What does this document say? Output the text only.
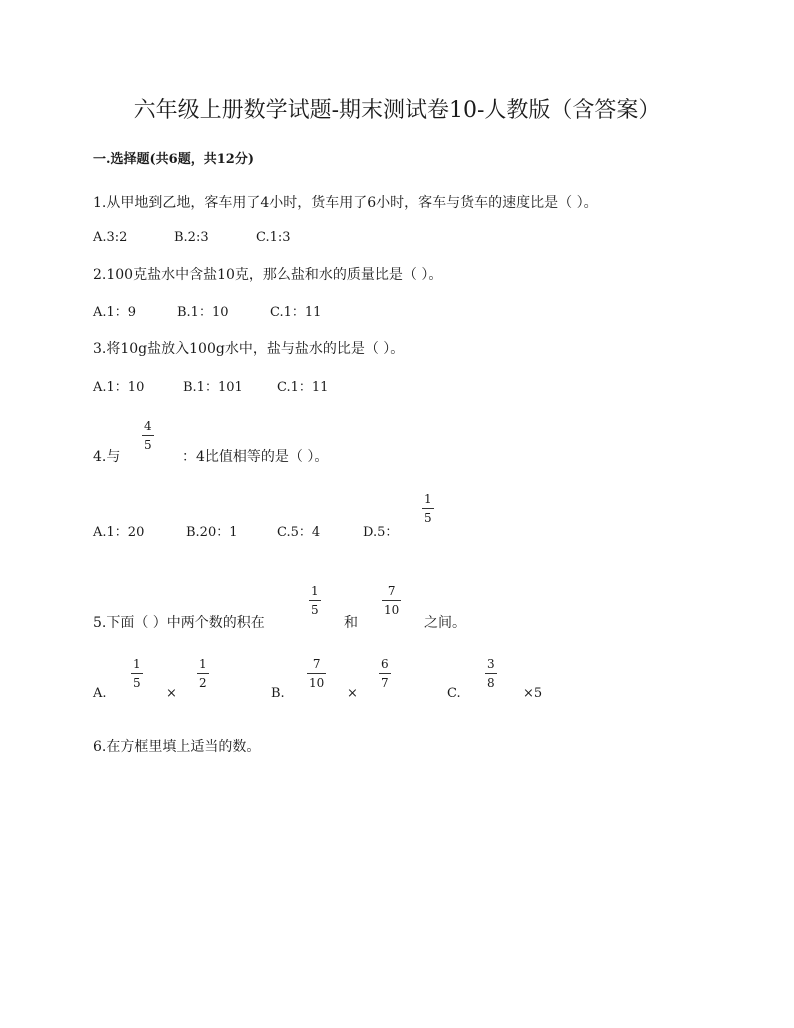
六年级上册数学试题-期末测试卷10-人教版（含答案）
一.选择题(共6题，共12分)
1.从甲地到乙地，客车用了4小时，货车用了6小时，客车与货车的速度比是（ ）。
A.3:2	B.2:3	C.1:3
2.100克盐水中含盐10克，那么盐和水的质量比是（ ）。
A.1：9	B.1：10	C.1：11
3.将10g盐放入100g水中，盐与盐水的比是（ ）。
A.1：10	B.1：101	C.1：11
4.与
4
5
：4比值相等的是（ ）。
A.1：20	B.20：1	C.5：4	D.5：
1
5
5.下面（ ）中两个数的积在
1
5
和
7
10
之间。
A.
1
5
×
1
2
B.
7
10
×
6
7
C.
3
8
×5
6.在方框里填上适当的数。
